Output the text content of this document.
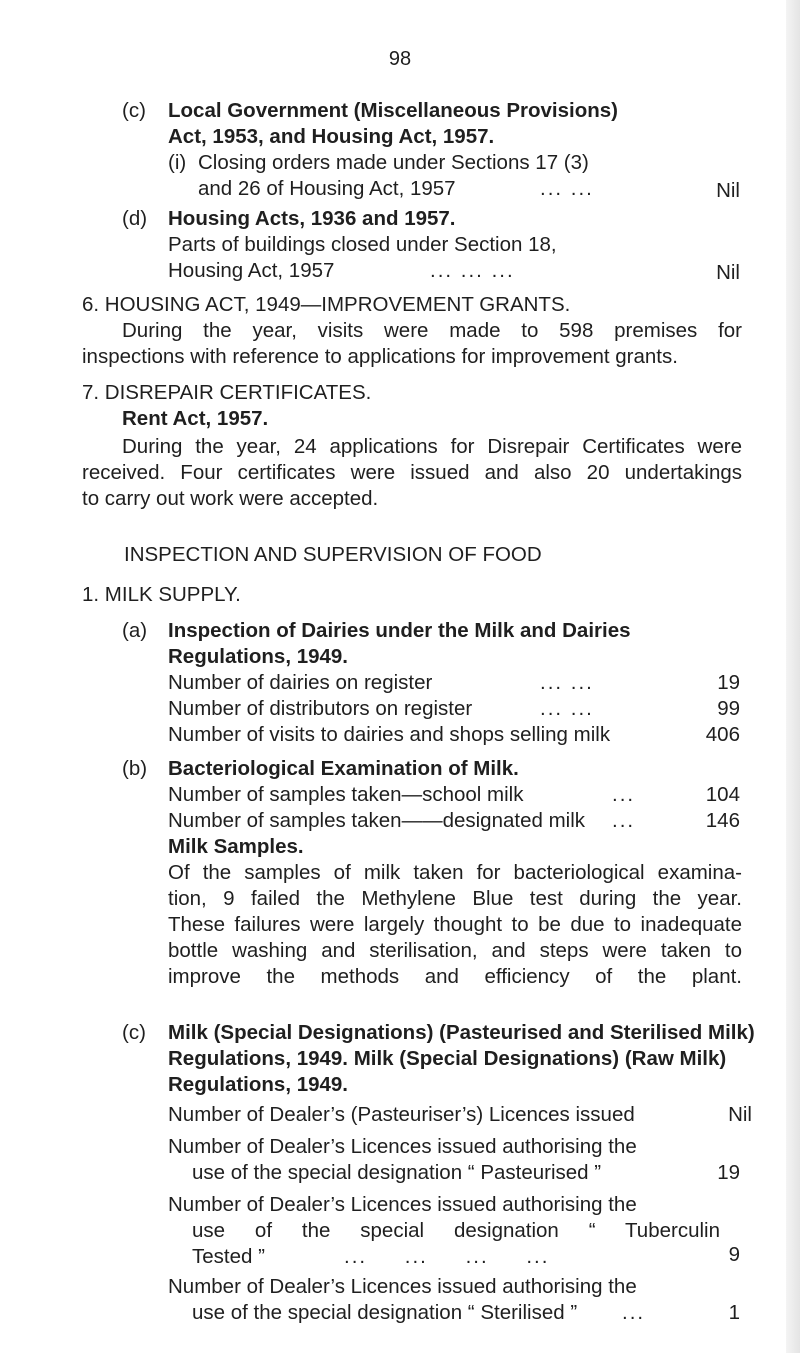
98
(c) Local Government (Miscellaneous Provisions)
Act, 1953, and Housing Act, 1957.
(i) Closing orders made under Sections 17 (3)
and 26 of Housing Act, 1957	... ...	Nil
(d) Housing Acts, 1936 and 1957.
Parts of buildings closed under Section 18,
Housing Act, 1957	... ... ...	Nil
6. HOUSING ACT, 1949—IMPROVEMENT GRANTS.
During the year, visits were made to 598 premises for
inspections with reference to applications for improvement grants.
7. DISREPAIR CERTIFICATES.
Rent Act, 1957.
During the year, 24 applications for Disrepair Certificates were
received. Four certificates were issued and also 20 undertakings
to carry out work were accepted.
INSPECTION AND SUPERVISION OF FOOD
1. MILK SUPPLY.
(a) Inspection of Dairies under the Milk and Dairies
Regulations, 1949.
Number of dairies on register	... ...	19
Number of distributors on register	... ...	99
Number of visits to dairies and shops selling milk	406
(b) Bacteriological Examination of Milk.
Number of samples taken—school milk	...	104
Number of samples taken——designated milk ...	146
Milk Samples.
Of the samples of milk taken for bacteriological examina-
tion, 9 failed the Methylene Blue test during the year.
These failures were largely thought to be due to inadequate
bottle washing and sterilisation, and steps were taken to
improve the methods and efficiency of the plant.
(c) Milk (Special Designations) (Pasteurised and Sterilised Milk)
Regulations, 1949. Milk (Special Designations) (Raw Milk)
Regulations, 1949.
Number of Dealer’s (Pasteuriser’s) Licences issued	Nil
Number of Dealer’s Licences issued authorising the
use of the special designation “ Pasteurised ”	19
Number of Dealer’s Licences issued authorising the
use of the special designation “ Tuberculin
Tested ”	... ... ... ...	9
Number of Dealer’s Licences issued authorising the
use of the special designation “ Sterilised ” ...	1
